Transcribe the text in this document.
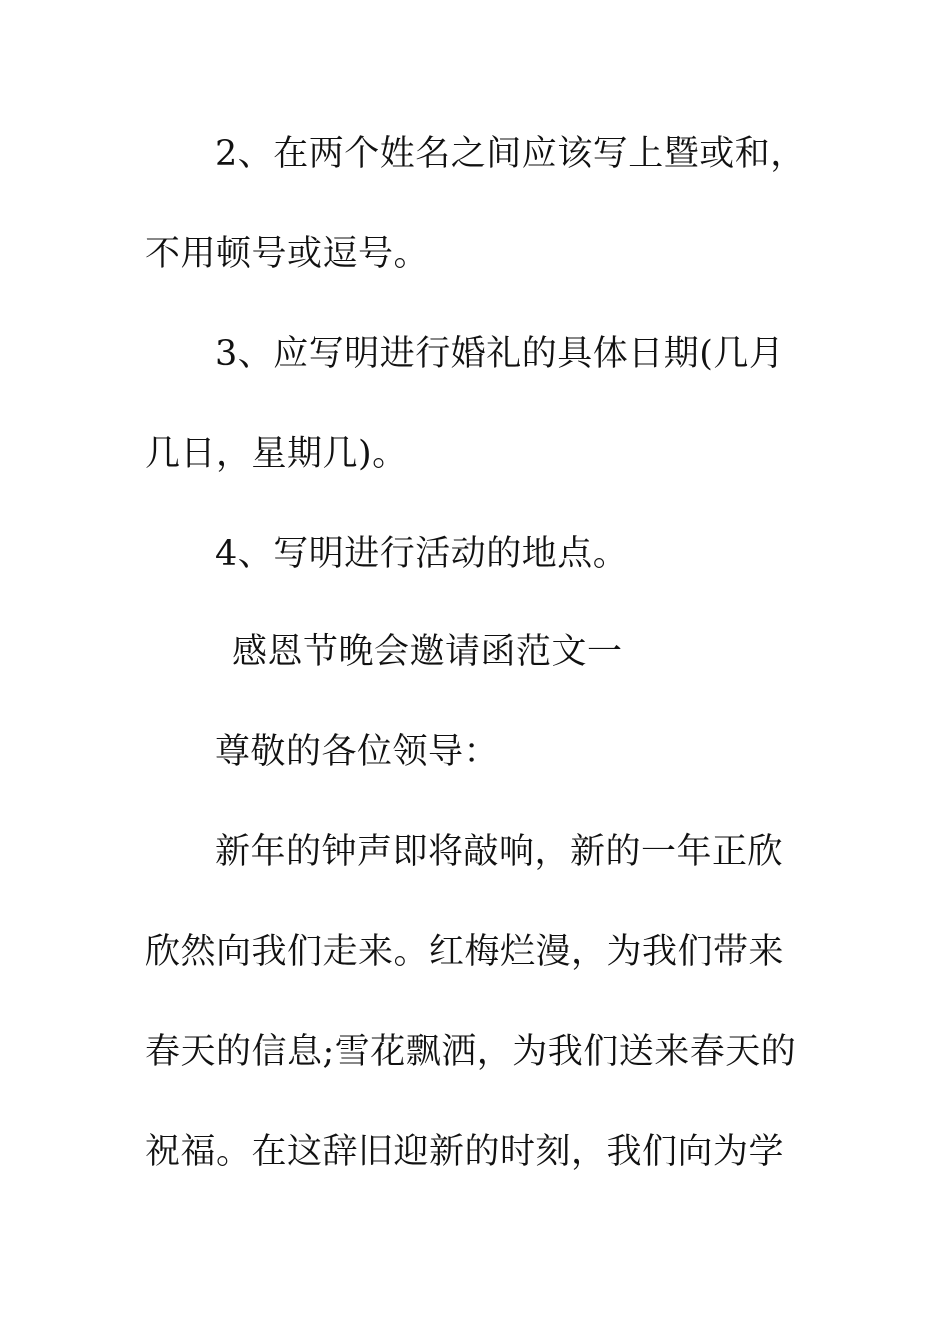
2、在两个姓名之间应该写上暨或和，
不用顿号或逗号。
3、应写明进行婚礼的具体日期(几月
几日，星期几)。
4、写明进行活动的地点。
感恩节晚会邀请函范文一
尊敬的各位领导：
新年的钟声即将敲响，新的一年正欣
欣然向我们走来。红梅烂漫，为我们带来
春天的信息;雪花飘洒，为我们送来春天的
祝福。在这辞旧迎新的时刻，我们向为学
